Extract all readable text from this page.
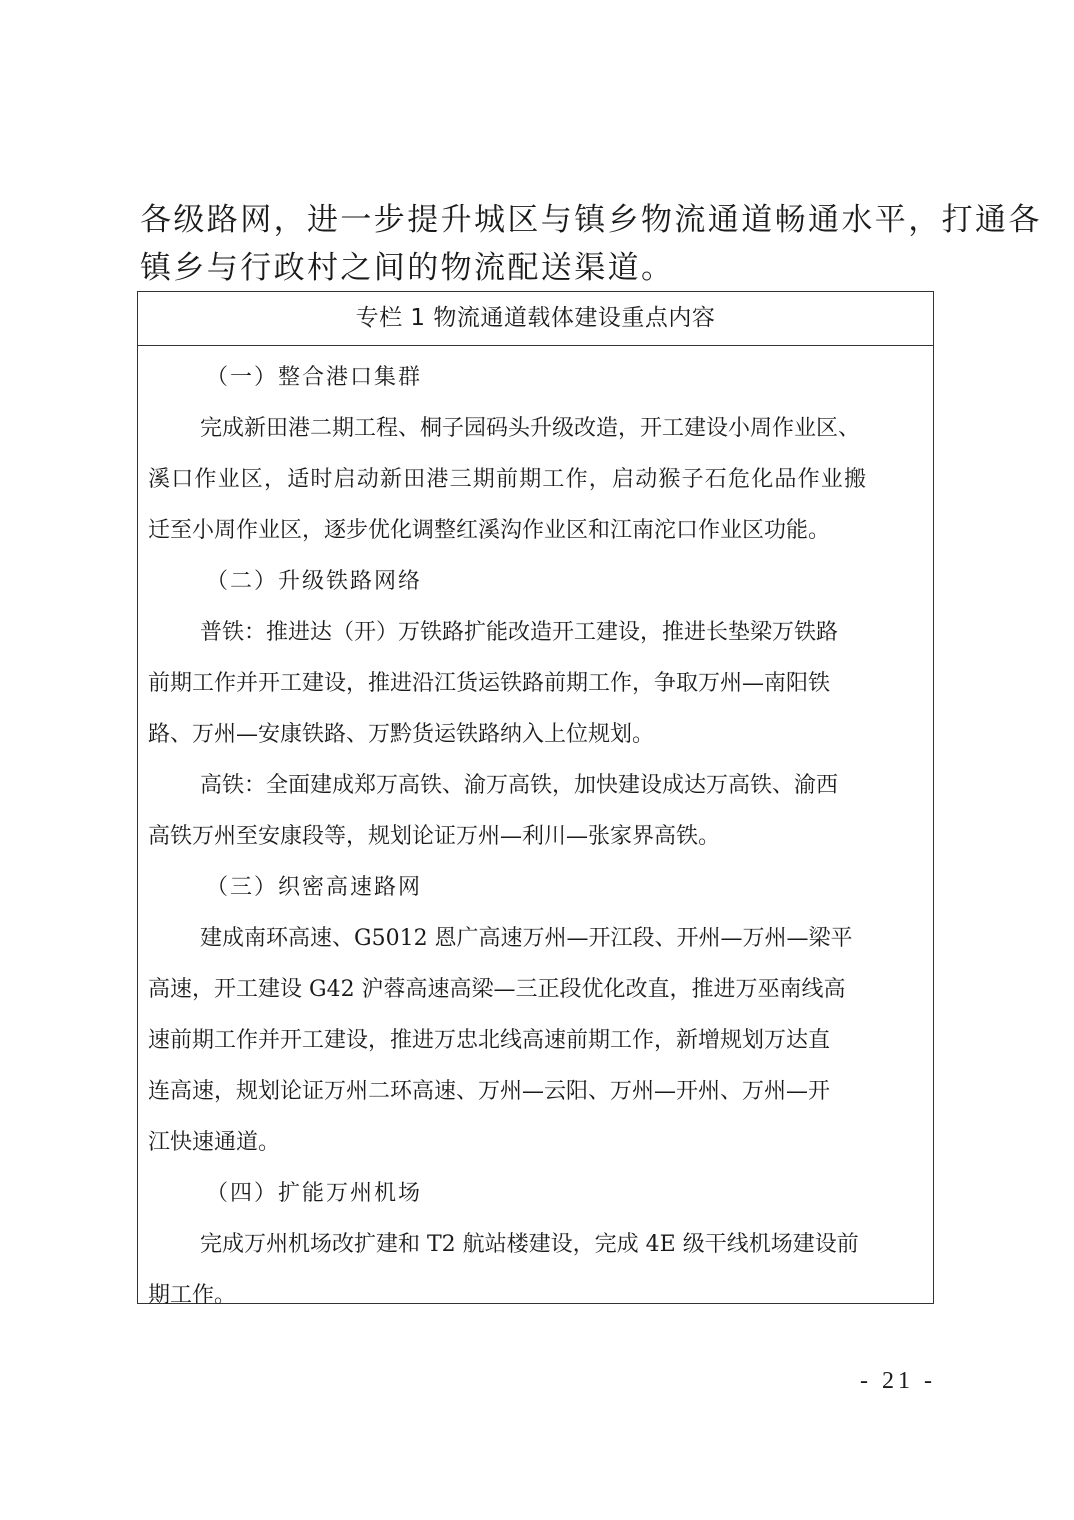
各级路网，进一步提升城区与镇乡物流通道畅通水平，打通各
镇乡与行政村之间的物流配送渠道。
专栏 1 物流通道载体建设重点内容
（一）整合港口集群
完成新田港二期工程、桐子园码头升级改造，开工建设小周作业区、
溪口作业区，适时启动新田港三期前期工作，启动猴子石危化品作业搬
迁至小周作业区，逐步优化调整红溪沟作业区和江南沱口作业区功能。
（二）升级铁路网络
普铁：推进达（开）万铁路扩能改造开工建设，推进长垫梁万铁路
前期工作并开工建设，推进沿江货运铁路前期工作，争取万州—南阳铁
路、万州—安康铁路、万黔货运铁路纳入上位规划。
高铁：全面建成郑万高铁、渝万高铁，加快建设成达万高铁、渝西
高铁万州至安康段等，规划论证万州—利川—张家界高铁。
（三）织密高速路网
建成南环高速、G5012 恩广高速万州—开江段、开州—万州—梁平
高速，开工建设 G42 沪蓉高速高梁—三正段优化改直，推进万巫南线高
速前期工作并开工建设，推进万忠北线高速前期工作，新增规划万达直
连高速，规划论证万州二环高速、万州—云阳、万州—开州、万州—开
江快速通道。
（四）扩能万州机场
完成万州机场改扩建和 T2 航站楼建设，完成 4E 级干线机场建设前
期工作。
- 21 -
